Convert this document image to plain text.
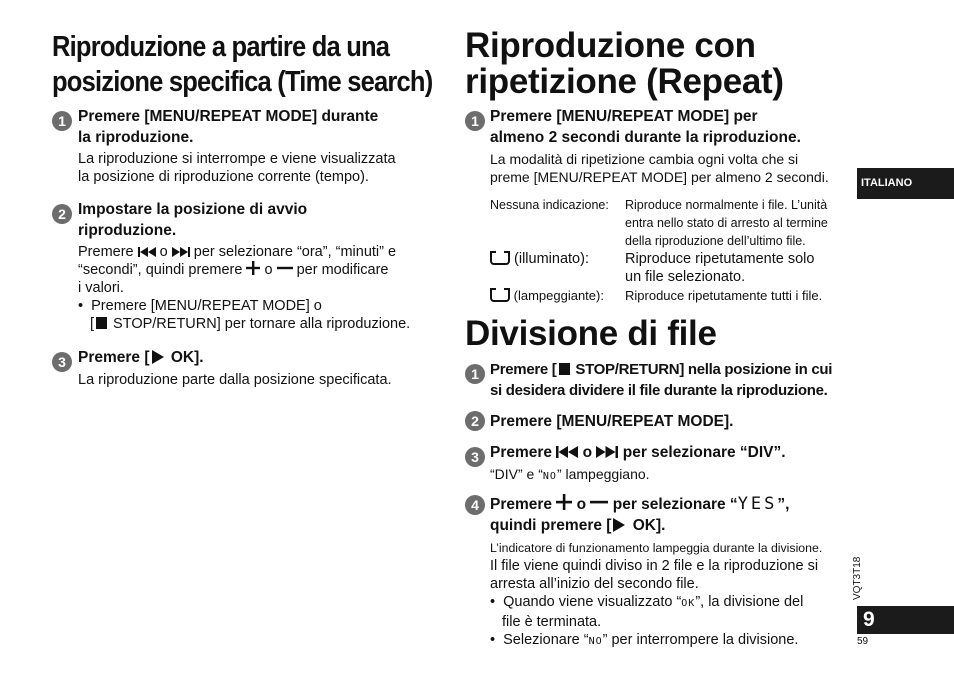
Riproduzione a partire da una
posizione specifica (Time search)
1 Premere [MENU/REPEAT MODE] durante
la riproduzione.
La riproduzione si interrompe e viene visualizzata
la posizione di riproduzione corrente (tempo).
2 Impostare la posizione di avvio
riproduzione.
Premere  o  per selezionare “ora”, “minuti” e
“secondi”, quindi premere  o  per modificare
i valori.
• Premere [MENU/REPEAT MODE] o
[ STOP/RETURN] per tornare alla riproduzione.
3 Premere [ OK].
La riproduzione parte dalla posizione specificata.
Riproduzione con
ripetizione (Repeat)
1 Premere [MENU/REPEAT MODE] per
almeno 2 secondi durante la riproduzione.
La modalità di ripetizione cambia ogni volta che si
preme [MENU/REPEAT MODE] per almeno 2 secondi.
Nessuna indicazione: Riproduce normalmente i file. L’unità
entra nello stato di arresto al termine
della riproduzione dell’ultimo file.
(illuminato): Riproduce ripetutamente solo
un file selezionato.
(lampeggiante): Riproduce ripetutamente tutti i file.
Divisione di file
1 Premere [ STOP/RETURN] nella posizione in cui
si desidera dividere il file durante la riproduzione.
2 Premere [MENU/REPEAT MODE].
3 Premere  o  per selezionare “DIV”.
“DIV” e “NO” lampeggiano.
4 Premere  o  per selezionare “YES”,
quindi premere [ OK].
L’indicatore di funzionamento lampeggia durante la divisione.
Il file viene quindi diviso in 2 file e la riproduzione si
arresta all’inizio del secondo file.
• Quando viene visualizzato “OK”, la divisione del
file è terminata.
• Selezionare “NO” per interrompere la divisione.
ITALIANO
VQT3T18
9
59
